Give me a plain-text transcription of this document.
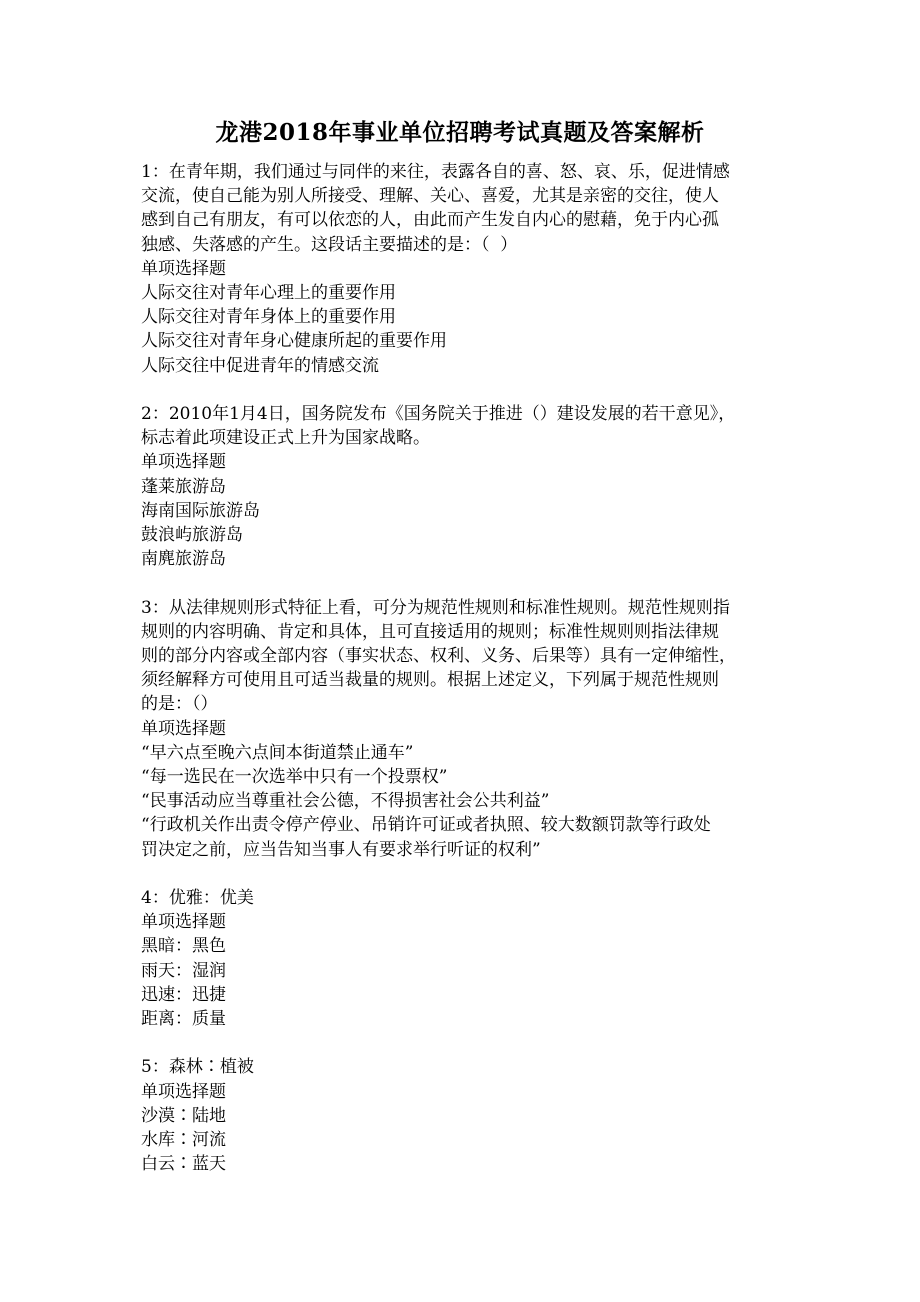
龙港2018年事业单位招聘考试真题及答案解析
1：在青年期，我们通过与同伴的来往，表露各自的喜、怒、哀、乐，促进情感
交流，使自己能为别人所接受、理解、关心、喜爱，尤其是亲密的交往，使人
感到自己有朋友，有可以依恋的人，由此而产生发自内心的慰藉，免于内心孤
独感、失落感的产生。这段话主要描述的是：（  ）
单项选择题
人际交往对青年心理上的重要作用
人际交往对青年身体上的重要作用
人际交往对青年身心健康所起的重要作用
人际交往中促进青年的情感交流
2：2010年1月4日，国务院发布《国务院关于推进（）建设发展的若干意见》，
标志着此项建设正式上升为国家战略。
单项选择题
蓬莱旅游岛
海南国际旅游岛
鼓浪屿旅游岛
南麂旅游岛
3：从法律规则形式特征上看，可分为规范性规则和标准性规则。规范性规则指
规则的内容明确、肯定和具体，且可直接适用的规则；标准性规则则指法律规
则的部分内容或全部内容（事实状态、权利、义务、后果等）具有一定伸缩性，
须经解释方可使用且可适当裁量的规则。根据上述定义，下列属于规范性规则
的是：（）
单项选择题
“早六点至晚六点间本街道禁止通车”
“每一选民在一次选举中只有一个投票权”
“民事活动应当尊重社会公德，不得损害社会公共利益”
“行政机关作出责令停产停业、吊销许可证或者执照、较大数额罚款等行政处
罚决定之前，应当告知当事人有要求举行听证的权利”
4：优雅：优美
单项选择题
黑暗：黑色
雨天：湿润
迅速：迅捷
距离：质量
5：森林∶植被
单项选择题
沙漠∶陆地
水库∶河流
白云∶蓝天
